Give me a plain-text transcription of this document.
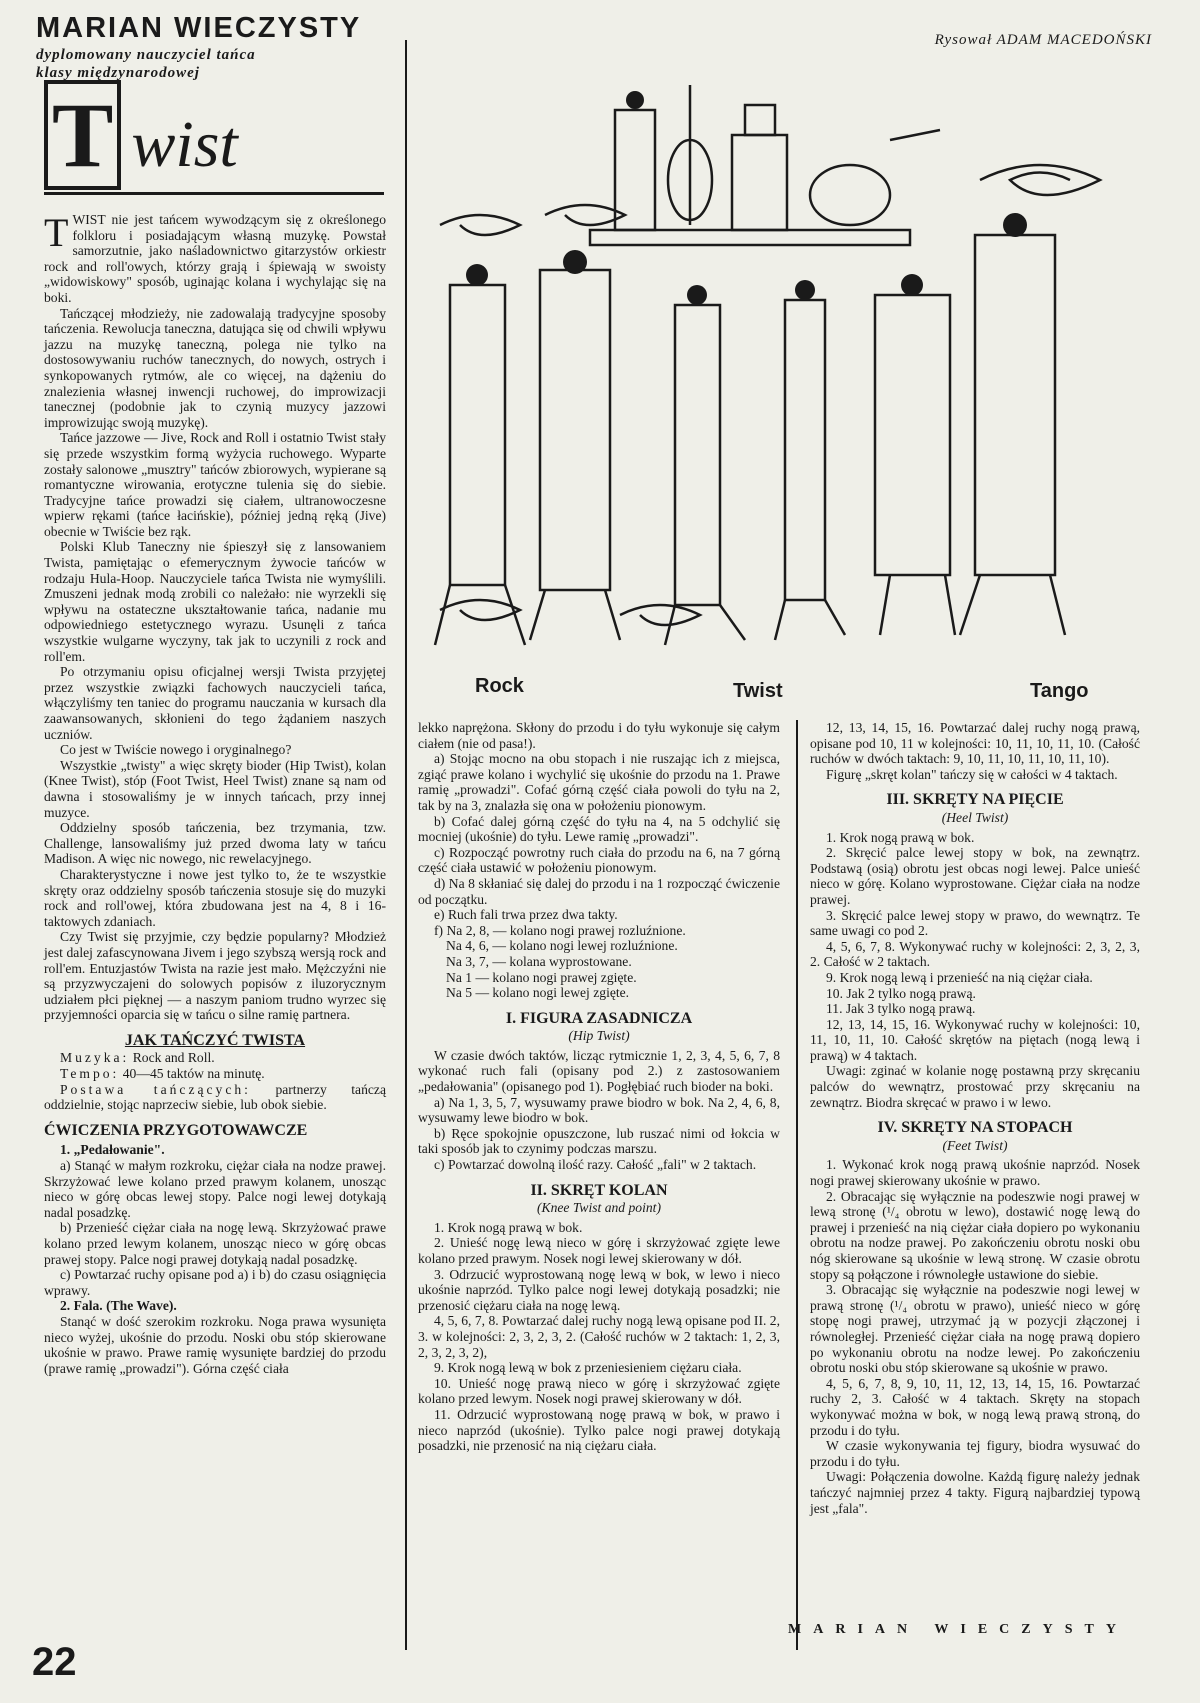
MARIAN WIECZYSTY
dyplomowany nauczyciel tańca
klasy międzynarodowej
T wist
Rysował ADAM MACEDOŃSKI

TWIST nie jest tańcem wywodzącym się z określonego folkloru i posiadającym własną muzykę. Powstał samorzutnie, jako naśladownictwo gitarzystów orkiestr rock and roll'owych, którzy grają i śpiewają w swoisty „widowiskowy" sposób, uginając kolana i wychylając się na boki.

Tańczącej młodzieży, nie zadowalają tradycyjne sposoby tańczenia. Rewolucja taneczna, datująca się od chwili wpływu jazzu na muzykę taneczną, polega nie tylko na dostosowywaniu ruchów tanecznych, do nowych, ostrych i synkopowanych rytmów, ale co więcej, na dążeniu do znalezienia własnej inwencji ruchowej, do improwizacji tanecznej (podobnie jak to czynią muzycy jazzowi improwizując swoją muzykę).

Tańce jazzowe — Jive, Rock and Roll i ostatnio Twist stały się przede wszystkim formą wyżycia ruchowego. Wyparte zostały salonowe „musztry" tańców zbiorowych, wypierane są romantyczne wirowania, erotyczne tulenia się do siebie. Tradycyjne tańce prowadzi się ciałem, ultranowoczesne wpierw rękami (tańce łacińskie), później jedną ręką (Jive) obecnie w Twiście bez rąk.

Polski Klub Taneczny nie śpieszył się z lansowaniem Twista, pamiętając o efemerycznym żywocie tańców w rodzaju Hula-Hoop. Nauczyciele tańca Twista nie wymyślili. Zmuszeni jednak modą zrobili co należało: nie wyrzekli się wpływu na ostateczne ukształtowanie tańca, nadanie mu odpowiedniego estetycznego wyrazu. Usunęli z tańca wszystkie wulgarne wyczyny, tak jak to uczynili z rock and roll'em.

Po otrzymaniu opisu oficjalnej wersji Twista przyjętej przez wszystkie związki fachowych nauczycieli tańca, włączyliśmy ten taniec do programu nauczania w kursach dla zaawansowanych, skłonieni do tego żądaniem naszych uczniów.

Co jest w Twiście nowego i oryginalnego?

Wszystkie „twisty" a więc skręty bioder (Hip Twist), kolan (Knee Twist), stóp (Foot Twist, Heel Twist) znane są nam od dawna i stosowaliśmy je w innych tańcach, przy innej muzyce.

Oddzielny sposób tańczenia, bez trzymania, tzw. Challenge, lansowaliśmy już przed dwoma laty w tańcu Madison. A więc nic nowego, nic rewelacyjnego.

Charakterystyczne i nowe jest tylko to, że te wszystkie skręty oraz oddzielny sposób tańczenia stosuje się do muzyki rock and roll'owej, która zbudowana jest na 4, 8 i 16-taktowych zdaniach.

Czy Twist się przyjmie, czy będzie popularny? Młodzież jest dalej zafascynowana Jivem i jego szybszą wersją rock and roll'em. Entuzjastów Twista na razie jest mało. Mężczyźni nie są przyzwyczajeni do solowych popisów z iluzorycznym udziałem płci pięknej — a naszym paniom trudno wyrzec się przyjemności oparcia się w tańcu o silne ramię partnera.

JAK TAŃCZYĆ TWISTA

Muzyka: Rock and Roll.

Tempo: 40—45 taktów na minutę.

Postawa tańczących: partnerzy tańczą oddzielnie, stojąc naprzeciw siebie, lub obok siebie.

ĆWICZENIA PRZYGOTOWAWCZE

1. „Pedałowanie".

a) Stanąć w małym rozkroku, ciężar ciała na nodze prawej. Skrzyżować lewe kolano przed prawym kolanem, unosząc nieco w górę obcas lewej stopy. Palce nogi lewej dotykają nadal posadzkę.

b) Przenieść ciężar ciała na nogę lewą. Skrzyżować prawe kolano przed lewym kolanem, unosząc nieco w górę obcas prawej stopy. Palce nogi prawej dotykają nadal posadzkę.

c) Powtarzać ruchy opisane pod a) i b) do czasu osiągnięcia wprawy.

2. Fala. (The Wave).

Stanąć w dość szerokim rozkroku. Noga prawa wysunięta nieco wyżej, ukośnie do przodu. Noski obu stóp skierowane ukośnie w prawo. Prawe ramię wysunięte bardziej do przodu (prawe ramię „prowadzi"). Górna część ciała

Rock	Twist	Tango

lekko naprężona. Skłony do przodu i do tyłu wykonuje się całym ciałem (nie od pasa!).

a) Stojąc mocno na obu stopach i nie ruszając ich z miejsca, zgiąć prawe kolano i wychylić się ukośnie do przodu na 1. Prawe ramię „prowadzi". Cofać górną część ciała powoli do tyłu na 2, tak by na 3, znalazła się ona w położeniu pionowym.

b) Cofać dalej górną część do tyłu na 4, na 5 odchylić się mocniej (ukośnie) do tyłu. Lewe ramię „prowadzi".

c) Rozpocząć powrotny ruch ciała do przodu na 6, na 7 górną część ciała ustawić w położeniu pionowym.

d) Na 8 skłaniać się dalej do przodu i na 1 rozpocząć ćwiczenie od początku.

e) Ruch fali trwa przez dwa takty.

f) Na 2, 8, — kolano nogi prawej rozluźnione.

Na 4, 6, — kolano nogi lewej rozluźnione.

Na 3, 7, — kolana wyprostowane.

Na 1 — kolano nogi prawej zgięte.

Na 5 — kolano nogi lewej zgięte.

I. FIGURA ZASADNICZA
(Hip Twist)

W czasie dwóch taktów, licząc rytmicznie 1, 2, 3, 4, 5, 6, 7, 8 wykonać ruch fali (opisany pod 2.) z zastosowaniem „pedałowania" (opisanego pod 1). Pogłębiać ruch bioder na boki.

a) Na 1, 3, 5, 7, wysuwamy prawe biodro w bok. Na 2, 4, 6, 8, wysuwamy lewe biodro w bok.

b) Ręce spokojnie opuszczone, lub ruszać nimi od łokcia w taki sposób jak to czynimy podczas marszu.

c) Powtarzać dowolną ilość razy. Całość „fali" w 2 taktach.

II. SKRĘT KOLAN
(Knee Twist and point)

1. Krok nogą prawą w bok.

2. Unieść nogę lewą nieco w górę i skrzyżować zgięte lewe kolano przed prawym. Nosek nogi lewej skierowany w dół.

3. Odrzucić wyprostowaną nogę lewą w bok, w lewo i nieco ukośnie naprzód. Tylko palce nogi lewej dotykają posadzki; nie przenosić ciężaru ciała na nogę lewą.

4, 5, 6, 7, 8. Powtarzać dalej ruchy nogą lewą opisane pod II. 2, 3. w kolejności: 2, 3, 2, 3, 2. (Całość ruchów w 2 taktach: 1, 2, 3, 2, 3, 2, 3, 2),

9. Krok nogą lewą w bok z przeniesieniem ciężaru ciała.

10. Unieść nogę prawą nieco w górę i skrzyżować zgięte kolano przed lewym. Nosek nogi prawej skierowany w dół.

11. Odrzucić wyprostowaną nogę prawą w bok, w prawo i nieco naprzód (ukośnie). Tylko palce nogi prawej dotykają posadzki, nie przenosić na nią ciężaru ciała.

12, 13, 14, 15, 16. Powtarzać dalej ruchy nogą prawą, opisane pod 10, 11 w kolejności: 10, 11, 10, 11, 10. (Całość ruchów w dwóch taktach: 9, 10, 11, 10, 11, 10, 11, 10).

Figurę „skręt kolan" tańczy się w całości w 4 taktach.

III. SKRĘTY NA PIĘCIE
(Heel Twist)

1. Krok nogą prawą w bok.

2. Skręcić palce lewej stopy w bok, na zewnątrz. Podstawą (osią) obrotu jest obcas nogi lewej. Palce unieść nieco w górę. Kolano wyprostowane. Ciężar ciała na nodze prawej.

3. Skręcić palce lewej stopy w prawo, do wewnątrz. Te same uwagi co pod 2.

4, 5, 6, 7, 8. Wykonywać ruchy w kolejności: 2, 3, 2, 3, 2. Całość w 2 taktach.

9. Krok nogą lewą i przenieść na nią ciężar ciała.

10. Jak 2 tylko nogą prawą.

11. Jak 3 tylko nogą prawą.

12, 13, 14, 15, 16. Wykonywać ruchy w kolejności: 10, 11, 10, 11, 10. Całość skrętów na piętach (nogą lewą i prawą) w 4 taktach.

Uwagi: zginać w kolanie nogę postawną przy skręcaniu palców do wewnątrz, prostować przy skręcaniu na zewnątrz. Biodra skręcać w prawo i w lewo.

IV. SKRĘTY NA STOPACH
(Feet Twist)

1. Wykonać krok nogą prawą ukośnie naprzód. Nosek nogi prawej skierowany ukośnie w prawo.

2. Obracając się wyłącznie na podeszwie nogi prawej w lewą stronę (¹/₄ obrotu w lewo), dostawić nogę lewą do prawej i przenieść na nią ciężar ciała dopiero po wykonaniu obrotu na nodze prawej. Po zakończeniu obrotu noski obu nóg skierowane są ukośnie w lewą stronę. W czasie obrotu stopy są połączone i równoległe ustawione do siebie.

3. Obracając się wyłącznie na podeszwie nogi lewej w prawą stronę (¹/₄ obrotu w prawo), unieść nieco w górę stopę nogi prawej, utrzymać ją w pozycji złączonej i równoległej. Przenieść ciężar ciała na nogę prawą dopiero po wykonaniu obrotu na nodze lewej. Po zakończeniu obrotu noski obu stóp skierowane są ukośnie w prawo.

4, 5, 6, 7, 8, 9, 10, 11, 12, 13, 14, 15, 16. Powtarzać ruchy 2, 3. Całość w 4 taktach. Skręty na stopach wykonywać można w bok, w nogą lewą prawą stroną, do przodu i do tyłu.

W czasie wykonywania tej figury, biodra wysuwać do przodu i do tyłu.

Uwagi: Połączenia dowolne. Każdą figurę należy jednak tańczyć najmniej przez 4 takty. Figurą najbardziej typową jest „fala".

MARIAN WIECZYSTY
22
